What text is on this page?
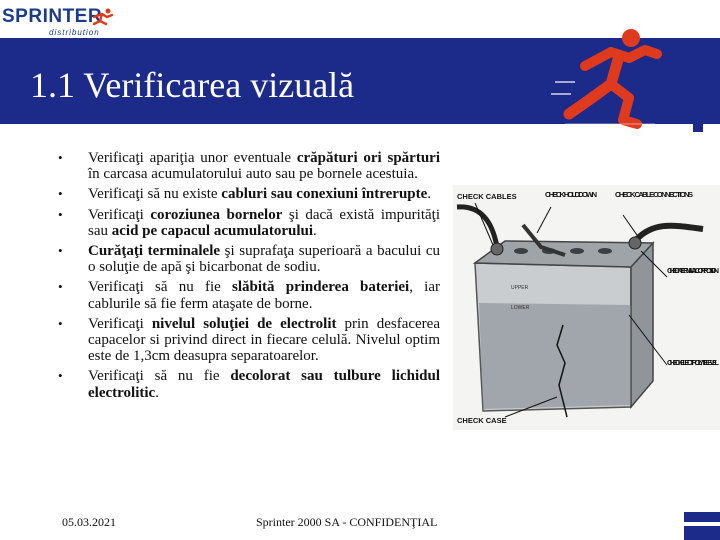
SPRINTER
distribution
1.1 Verificarea vizuală
• Verificaţi apariţia unor eventuale crăpături ori spărturi în carcasa acumulatorului auto sau pe bornele acestuia.
• Verificaţi să nu existe cabluri sau conexiuni întrerupte.
• Verificaţi coroziunea bornelor şi dacă există impurităţi sau acid pe capacul acumulatorului.
• Curăţaţi terminalele şi suprafaţa superioară a bacului cu o soluţie de apă şi bicarbonat de sodiu.
• Verificaţi să nu fie slăbită prinderea bateriei, iar cablurile să fie ferm ataşate de borne.
• Verificaţi nivelul soluţiei de electrolit prin desfacerea capacelor si privind direct in fiecare celulă. Nivelul optim este de 1,3cm deasupra separatoarelor.
• Verificaţi să nu fie decolorat sau tulbure lichidul electrolitic.
CHECK CABLES	CHECK HOLDDOWN CHECK CABLE CONNECTIONS
CHECK TERMINAL CORROSION
CHECK ELECTROLYTE LEVEL
CHECK CASE
UPPER
LOWER
05.03.2021	Sprinter 2000 SA - CONFIDENŢIAL
